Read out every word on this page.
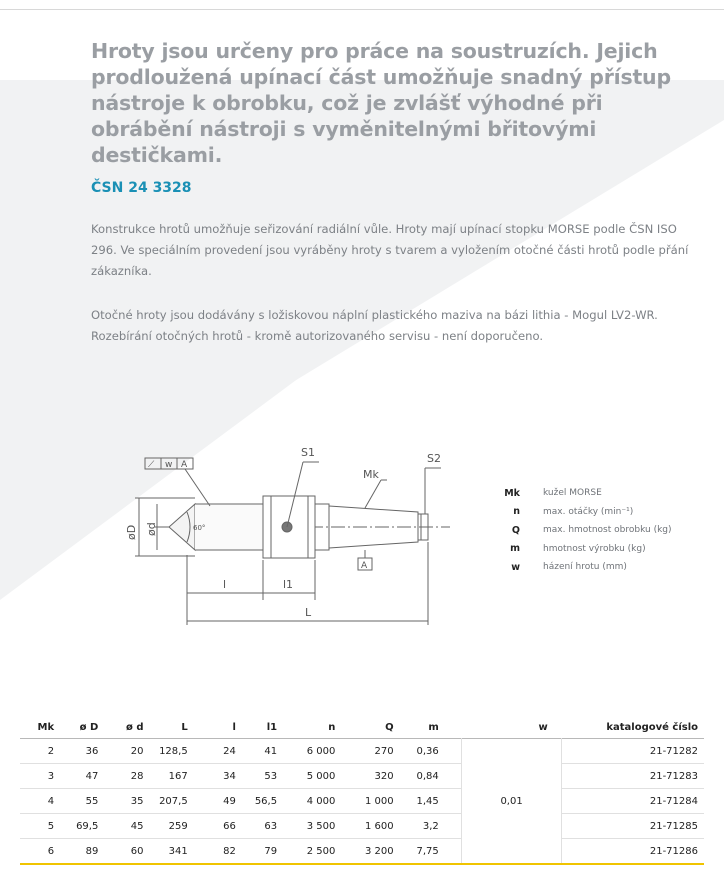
Hroty jsou určeny pro práce na soustruzích. Jejich prodloužená upínací část umožňuje snadný přístup nástroje k obrobku, což je zvlášť výhodné při obrábění nástroji s vyměnitelnými břitovými destičkami.
ČSN 24 3328
Konstrukce hrotů umožňuje seřizování radiální vůle. Hroty mají upínací stopku MORSE podle ČSN ISO 296. Ve speciálním provedení jsou vyráběny hroty s tvarem a vyložením otočné části hrotů podle přání zákazníka.
Otočné hroty jsou dodávány s ložiskovou náplní plastického maziva na bázi lithia - Mogul LV2-WR. Rozebírání otočných hrotů - kromě autorizovaného servisu - není doporučeno.
S1
Mk
S2
⟋ w A
A
l	l1
L
60°
øD ød
Mk	kužel MORSE
n	max. otáčky (min⁻¹)
Q	max. hmotnost obrobku (kg)
m	hmotnost výrobku (kg)
w	házení hrotu (mm)
Mk	ø D	ø d	L	l	l1	n	Q	m		w	katalogové číslo
2	36	20	128,5	24	41	6 000	270	0,36		0,01	21-71282
3	47	28	167	34	53	5 000	320	0,84			21-71283
4	55	35	207,5	49	56,5	4 000	1 000	1,45			21-71284
5	69,5	45	259	66	63	3 500	1 600	3,2			21-71285
6	89	60	341	82	79	2 500	3 200	7,75			21-71286
